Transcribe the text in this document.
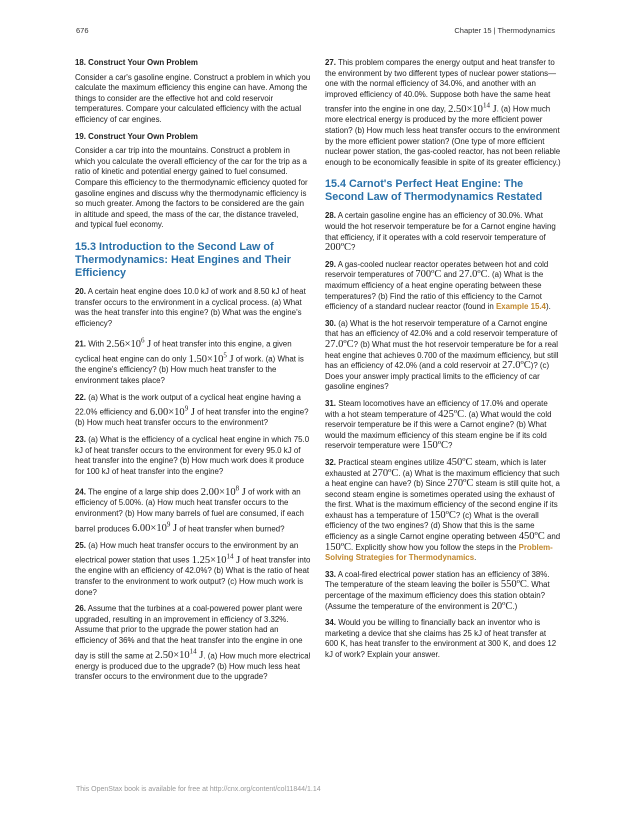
676	Chapter 15 | Thermodynamics

18. Construct Your Own Problem

Consider a car's gasoline engine. Construct a problem in which you calculate the maximum efficiency this engine can have. Among the things to consider are the effective hot and cold reservoir temperatures. Compare your calculated efficiency with the actual efficiency of car engines.

19. Construct Your Own Problem

Consider a car trip into the mountains. Construct a problem in which you calculate the overall efficiency of the car for the trip as a ratio of kinetic and potential energy gained to fuel consumed. Compare this efficiency to the thermodynamic efficiency quoted for gasoline engines and discuss why the thermodynamic efficiency is so much greater. Among the factors to be considered are the gain in altitude and speed, the mass of the car, the distance traveled, and typical fuel economy.

15.3 Introduction to the Second Law of Thermodynamics: Heat Engines and Their Efficiency

20. A certain heat engine does 10.0 kJ of work and 8.50 kJ of heat transfer occurs to the environment in a cyclical process. (a) What was the heat transfer into this engine? (b) What was the engine's efficiency?

21. With $2.56\times 10^6$ J of heat transfer into this engine, a given cyclical heat engine can do only $1.50\times 10^5$ J of work. (a) What is the engine's efficiency? (b) How much heat transfer to the environment takes place?

22. (a) What is the work output of a cyclical heat engine having a 22.0% efficiency and $6.00\times 10^9$ J of heat transfer into the engine? (b) How much heat transfer occurs to the environment?

23. (a) What is the efficiency of a cyclical heat engine in which 75.0 kJ of heat transfer occurs to the environment for every 95.0 kJ of heat transfer into the engine? (b) How much work does it produce for 100 kJ of heat transfer into the engine?

24. The engine of a large ship does $2.00\times 10^8$ J of work with an efficiency of 5.00%. (a) How much heat transfer occurs to the environment? (b) How many barrels of fuel are consumed, if each barrel produces $6.00\times 10^9$ J of heat transfer when burned?

25. (a) How much heat transfer occurs to the environment by an electrical power station that uses $1.25\times 10^{14}$ J of heat transfer into the engine with an efficiency of 42.0%? (b) What is the ratio of heat transfer to the environment to work output? (c) How much work is done?

26. Assume that the turbines at a coal-powered power plant were upgraded, resulting in an improvement in efficiency of 3.32%. Assume that prior to the upgrade the power station had an efficiency of 36% and that the heat transfer into the engine in one day is still the same at $2.50\times 10^{14}$ J. (a) How much more electrical energy is produced due to the upgrade? (b) How much less heat transfer occurs to the environment due to the upgrade?

27. This problem compares the energy output and heat transfer to the environment by two different types of nuclear power stations—one with the normal efficiency of 34.0%, and another with an improved efficiency of 40.0%. Suppose both have the same heat transfer into the engine in one day, $2.50\times 10^{14}$ J. (a) How much more electrical energy is produced by the more efficient power station? (b) How much less heat transfer occurs to the environment by the more efficient power station? (One type of more efficient nuclear power station, the gas-cooled reactor, has not been reliable enough to be economically feasible in spite of its greater efficiency.)

15.4 Carnot's Perfect Heat Engine: The Second Law of Thermodynamics Restated

28. A certain gasoline engine has an efficiency of 30.0%. What would the hot reservoir temperature be for a Carnot engine having that efficiency, if it operates with a cold reservoir temperature of 200ºC?

29. A gas-cooled nuclear reactor operates between hot and cold reservoir temperatures of 700ºC and 27.0ºC. (a) What is the maximum efficiency of a heat engine operating between these temperatures? (b) Find the ratio of this efficiency to the Carnot efficiency of a standard nuclear reactor (found in Example 15.4).

30. (a) What is the hot reservoir temperature of a Carnot engine that has an efficiency of 42.0% and a cold reservoir temperature of 27.0ºC? (b) What must the hot reservoir temperature be for a real heat engine that achieves 0.700 of the maximum efficiency, but still has an efficiency of 42.0% (and a cold reservoir at 27.0ºC)? (c) Does your answer imply practical limits to the efficiency of car gasoline engines?

31. Steam locomotives have an efficiency of 17.0% and operate with a hot steam temperature of 425ºC. (a) What would the cold reservoir temperature be if this were a Carnot engine? (b) What would the maximum efficiency of this steam engine be if its cold reservoir temperature were 150ºC?

32. Practical steam engines utilize 450ºC steam, which is later exhausted at 270ºC. (a) What is the maximum efficiency that such a heat engine can have? (b) Since 270ºC steam is still quite hot, a second steam engine is sometimes operated using the exhaust of the first. What is the maximum efficiency of the second engine if its exhaust has a temperature of 150ºC? (c) What is the overall efficiency of the two engines? (d) Show that this is the same efficiency as a single Carnot engine operating between 450ºC and 150ºC. Explicitly show how you follow the steps in the Problem-Solving Strategies for Thermodynamics.

33. A coal-fired electrical power station has an efficiency of 38%. The temperature of the steam leaving the boiler is 550ºC. What percentage of the maximum efficiency does this station obtain? (Assume the temperature of the environment is 20ºC.)

34. Would you be willing to financially back an inventor who is marketing a device that she claims has 25 kJ of heat transfer at 600 K, has heat transfer to the environment at 300 K, and does 12 kJ of work? Explain your answer.

This OpenStax book is available for free at http://cnx.org/content/col11844/1.14
